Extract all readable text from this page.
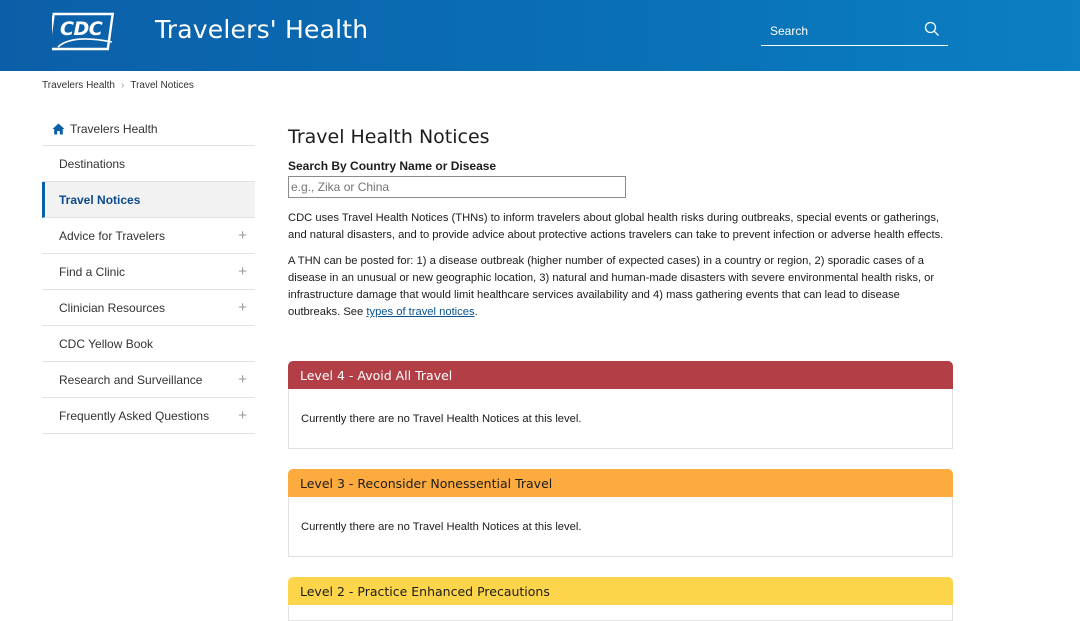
CDC Travelers' Health
Search
Travelers Health › Travel Notices
Travelers Health
Destinations
Travel Notices
Advice for Travelers	+
Find a Clinic	+
Clinician Resources	+
CDC Yellow Book
Research and Surveillance +
Frequently Asked Questions +
Travel Health Notices
Search By Country Name or Disease
e.g., Zika or China

CDC uses Travel Health Notices (THNs) to inform travelers about global health risks during outbreaks, special events or gatherings, and natural disasters, and to provide advice about protective actions travelers can take to prevent infection or adverse health effects.

A THN can be posted for: 1) a disease outbreak (higher number of expected cases) in a country or region, 2) sporadic cases of a disease in an unusual or new geographic location, 3) natural and human-made disasters with severe environmental health risks, or infrastructure damage that would limit healthcare services availability and 4) mass gathering events that can lead to disease outbreaks. See types of travel notices.

Level 4 - Avoid All Travel
Currently there are no Travel Health Notices at this level.
Level 3 - Reconsider Nonessential Travel
Currently there are no Travel Health Notices at this level.
Level 2 - Practice Enhanced Precautions
